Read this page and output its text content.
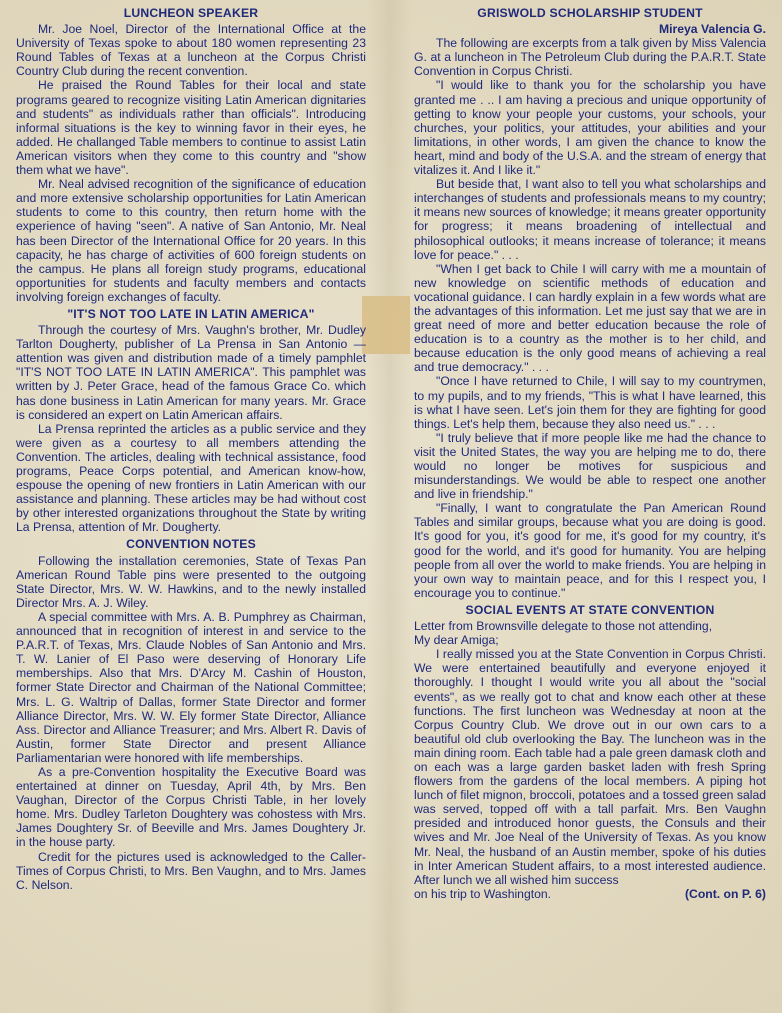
LUNCHEON SPEAKER

Mr. Joe Noel, Director of the International Office at the University of Texas spoke to about 180 women representing 23 Round Tables of Texas at a luncheon at the Corpus Christi Country Club during the recent convention.

He praised the Round Tables for their local and state programs geared to recognize visiting Latin American dignitaries and students" as individuals rather than officials". Introducing informal situations is the key to winning favor in their eyes, he added. He challanged Table members to continue to assist Latin American visitors when they come to this country and "show them what we have".

Mr. Neal advised recognition of the significance of education and more extensive scholarship opportunities for Latin American students to come to this country, then return home with the experience of having "seen". A native of San Antonio, Mr. Neal has been Director of the International Office for 20 years. In this capacity, he has charge of activities of 600 foreign students on the campus. He plans all foreign study programs, educational opportunities for students and faculty members and contacts involving foreign exchanges of faculty.

"IT'S NOT TOO LATE IN LATIN AMERICA"

Through the courtesy of Mrs. Vaughn's brother, Mr. Dudley Tarlton Dougherty, publisher of La Prensa in San Antonio — attention was given and distribution made of a timely pamphlet "IT'S NOT TOO LATE IN LATIN AMERICA". This pamphlet was written by J. Peter Grace, head of the famous Grace Co. which has done business in Latin American for many years. Mr. Grace is considered an expert on Latin American affairs.

La Prensa reprinted the articles as a public service and they were given as a courtesy to all members attending the Convention. The articles, dealing with technical assistance, food programs, Peace Corps potential, and American know-how, espouse the opening of new frontiers in Latin American with our assistance and planning. These articles may be had without cost by other interested organizations throughout the State by writing La Prensa, attention of Mr. Dougherty.

CONVENTION NOTES

Following the installation ceremonies, State of Texas Pan American Round Table pins were presented to the outgoing State Director, Mrs. W. W. Hawkins, and to the newly installed Director Mrs. A. J. Wiley.

A special committee with Mrs. A. B. Pumphrey as Chairman, announced that in recognition of interest in and service to the P.A.R.T. of Texas, Mrs. Claude Nobles of San Antonio and Mrs. T. W. Lanier of El Paso were deserving of Honorary Life memberships. Also that Mrs. D'Arcy M. Cashin of Houston, former State Director and Chairman of the National Committee; Mrs. L. G. Waltrip of Dallas, former State Director and former Alliance Director, Mrs. W. W. Ely former State Director, Alliance Ass. Director and Alliance Treasurer; and Mrs. Albert R. Davis of Austin, former State Director and present Alliance Parliamentarian were honored with life memberships.

As a pre-Convention hospitality the Executive Board was entertained at dinner on Tuesday, April 4th, by Mrs. Ben Vaughan, Director of the Corpus Christi Table, in her lovely home. Mrs. Dudley Tarleton Doughtery was cohostess with Mrs. James Doughtery Sr. of Beeville and Mrs. James Doughtery Jr. in the house party.

Credit for the pictures used is acknowledged to the Caller-Times of Corpus Christi, to Mrs. Ben Vaughn, and to Mrs. James C. Nelson.

GRISWOLD SCHOLARSHIP STUDENT

Mireya Valencia G.

The following are excerpts from a talk given by Miss Valencia G. at a luncheon in The Petroleum Club during the P.A.R.T. State Convention in Corpus Christi.

"I would like to thank you for the scholarship you have granted me . .. I am having a precious and unique opportunity of getting to know your people your customs, your schools, your churches, your politics, your attitudes, your abilities and your limitations, in other words, I am given the chance to know the heart, mind and body of the U.S.A. and the stream of energy that vitalizes it. And I like it."

But beside that, I want also to tell you what scholarships and interchanges of students and professionals means to my country; it means new sources of knowledge; it means greater opportunity for progress; it means broadening of intellectual and philosophical outlooks; it means increase of tolerance; it means love for peace." . . .

"When I get back to Chile I will carry with me a mountain of new knowledge on scientific methods of education and vocational guidance. I can hardly explain in a few words what are the advantages of this information. Let me just say that we are in great need of more and better education because the role of education is to a country as the mother is to her child, and because education is the only good means of achieving a real and true democracy." . . .

"Once I have returned to Chile, I will say to my countrymen, to my pupils, and to my friends, "This is what I have learned, this is what I have seen. Let's join them for they are fighting for good things. Let's help them, because they also need us." . . .

"I truly believe that if more people like me had the chance to visit the United States, the way you are helping me to do, there would no longer be motives for suspicious and misunderstandings. We would be able to respect one another and live in friendship."

"Finally, I want to congratulate the Pan American Round Tables and similar groups, because what you are doing is good. It's good for you, it's good for me, it's good for my country, it's good for the world, and it's good for humanity. You are helping people from all over the world to make friends. You are helping in your own way to maintain peace, and for this I respect you, I encourage you to continue."

SOCIAL EVENTS AT STATE CONVENTION

Letter from Brownsville delegate to those not attending,

My dear Amiga;

I really missed you at the State Convention in Corpus Christi. We were entertained beautifully and everyone enjoyed it thoroughly. I thought I would write you all about the "social events", as we really got to chat and know each other at these functions. The first luncheon was Wednesday at noon at the Corpus Country Club. We drove out in our own cars to a beautiful old club overlooking the Bay. The luncheon was in the main dining room. Each table had a pale green damask cloth and on each was a large garden basket laden with fresh Spring flowers from the gardens of the local members. A piping hot lunch of filet mignon, broccoli, potatoes and a tossed green salad was served, topped off with a tall parfait. Mrs. Ben Vaughn presided and introduced honor guests, the Consuls and their wives and Mr. Joe Neal of the University of Texas. As you know Mr. Neal, the husband of an Austin member, spoke of his duties in Inter American Student affairs, to a most interested audience. After lunch we all wished him success

on his trip to Washington.	(Cont. on P. 6)
